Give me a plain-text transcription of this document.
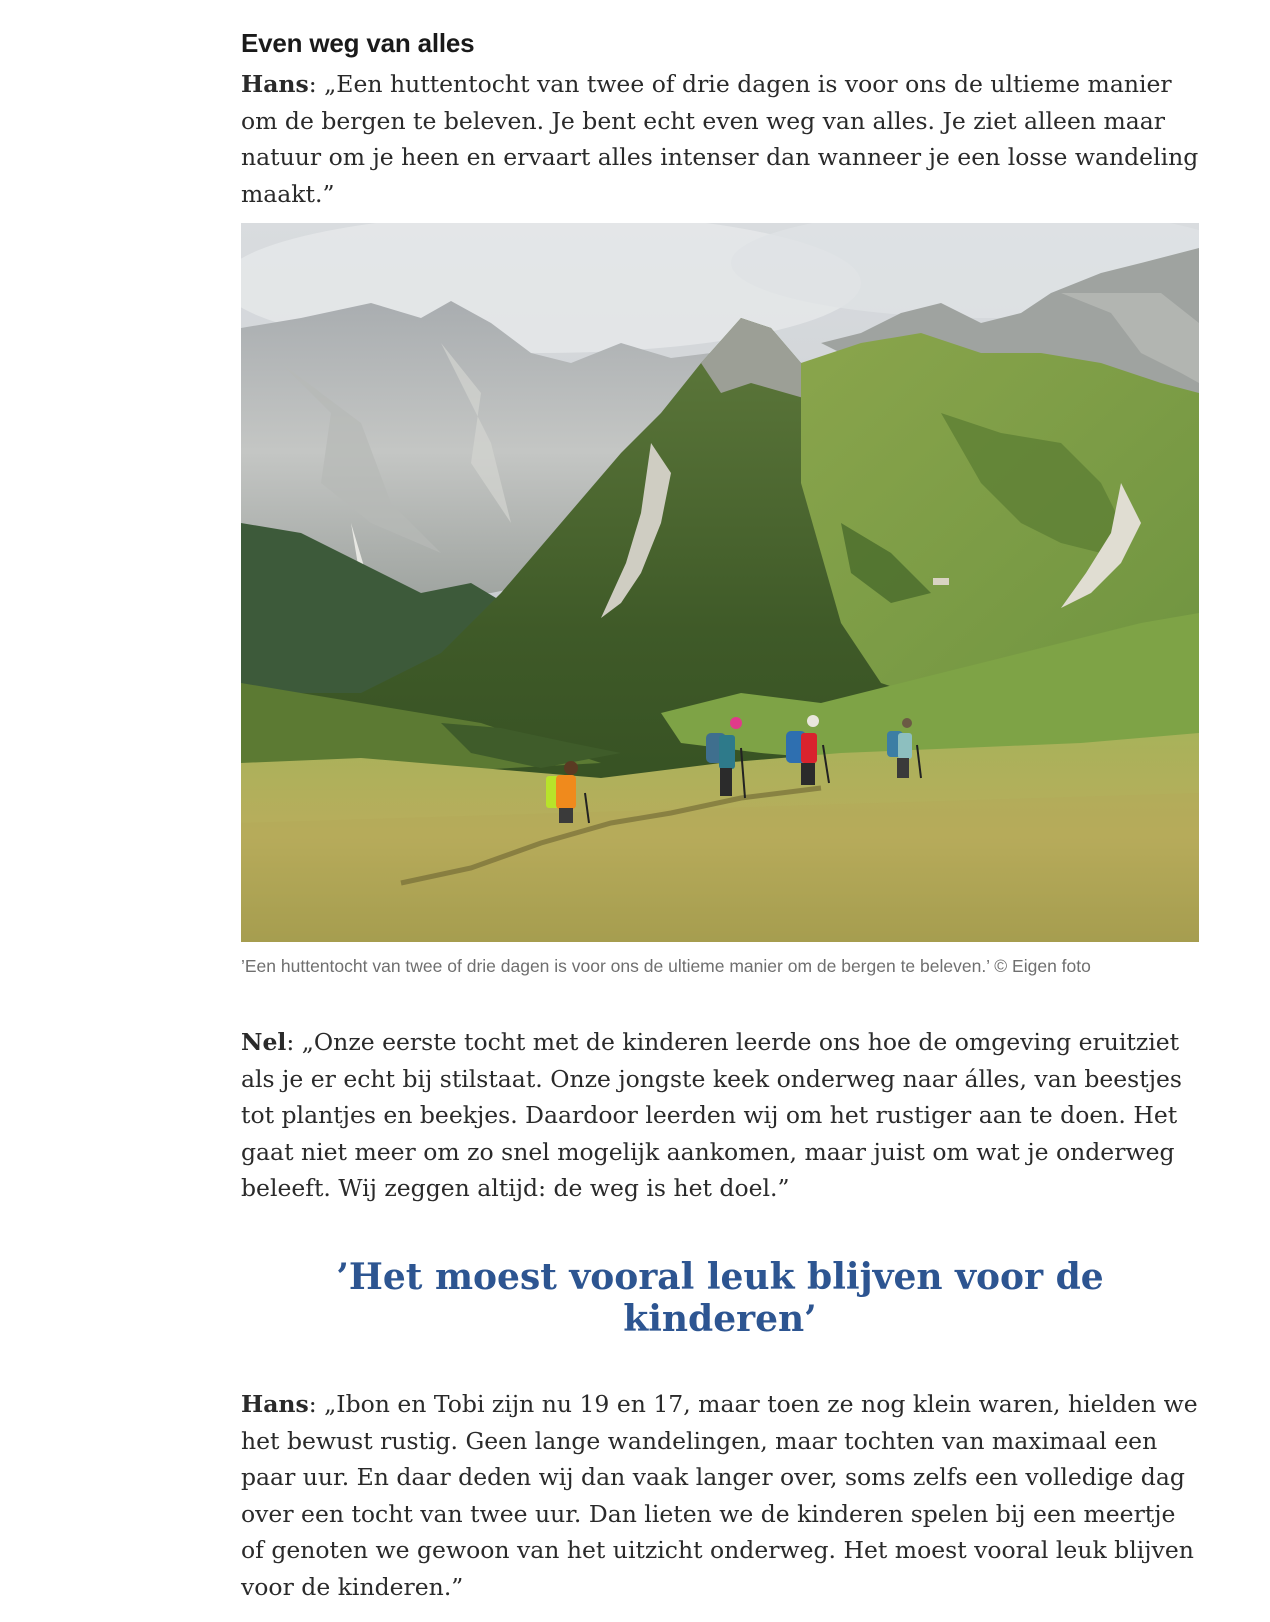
Even weg van alles

Hans: „Een huttentocht van twee of drie dagen is voor ons de ultieme manier om de bergen te beleven. Je bent echt even weg van alles. Je ziet alleen maar natuur om je heen en ervaart alles intenser dan wanneer je een losse wandeling maakt.”

’Een huttentocht van twee of drie dagen is voor ons de ultieme manier om de bergen te beleven.’ © Eigen foto

Nel: „Onze eerste tocht met de kinderen leerde ons hoe de omgeving eruitziet als je er echt bij stilstaat. Onze jongste keek onderweg naar álles, van beestjes tot plantjes en beekjes. Daardoor leerden wij om het rustiger aan te doen. Het gaat niet meer om zo snel mogelijk aankomen, maar juist om wat je onderweg beleeft. Wij zeggen altijd: de weg is het doel.”

’Het moest vooral leuk blijven voor de kinderen’

Hans: „Ibon en Tobi zijn nu 19 en 17, maar toen ze nog klein waren, hielden we het bewust rustig. Geen lange wandelingen, maar tochten van maximaal een paar uur. En daar deden wij dan vaak langer over, soms zelfs een volledige dag over een tocht van twee uur. Dan lieten we de kinderen spelen bij een meertje of genoten we gewoon van het uitzicht onderweg. Het moest vooral leuk blijven voor de kinderen.”
